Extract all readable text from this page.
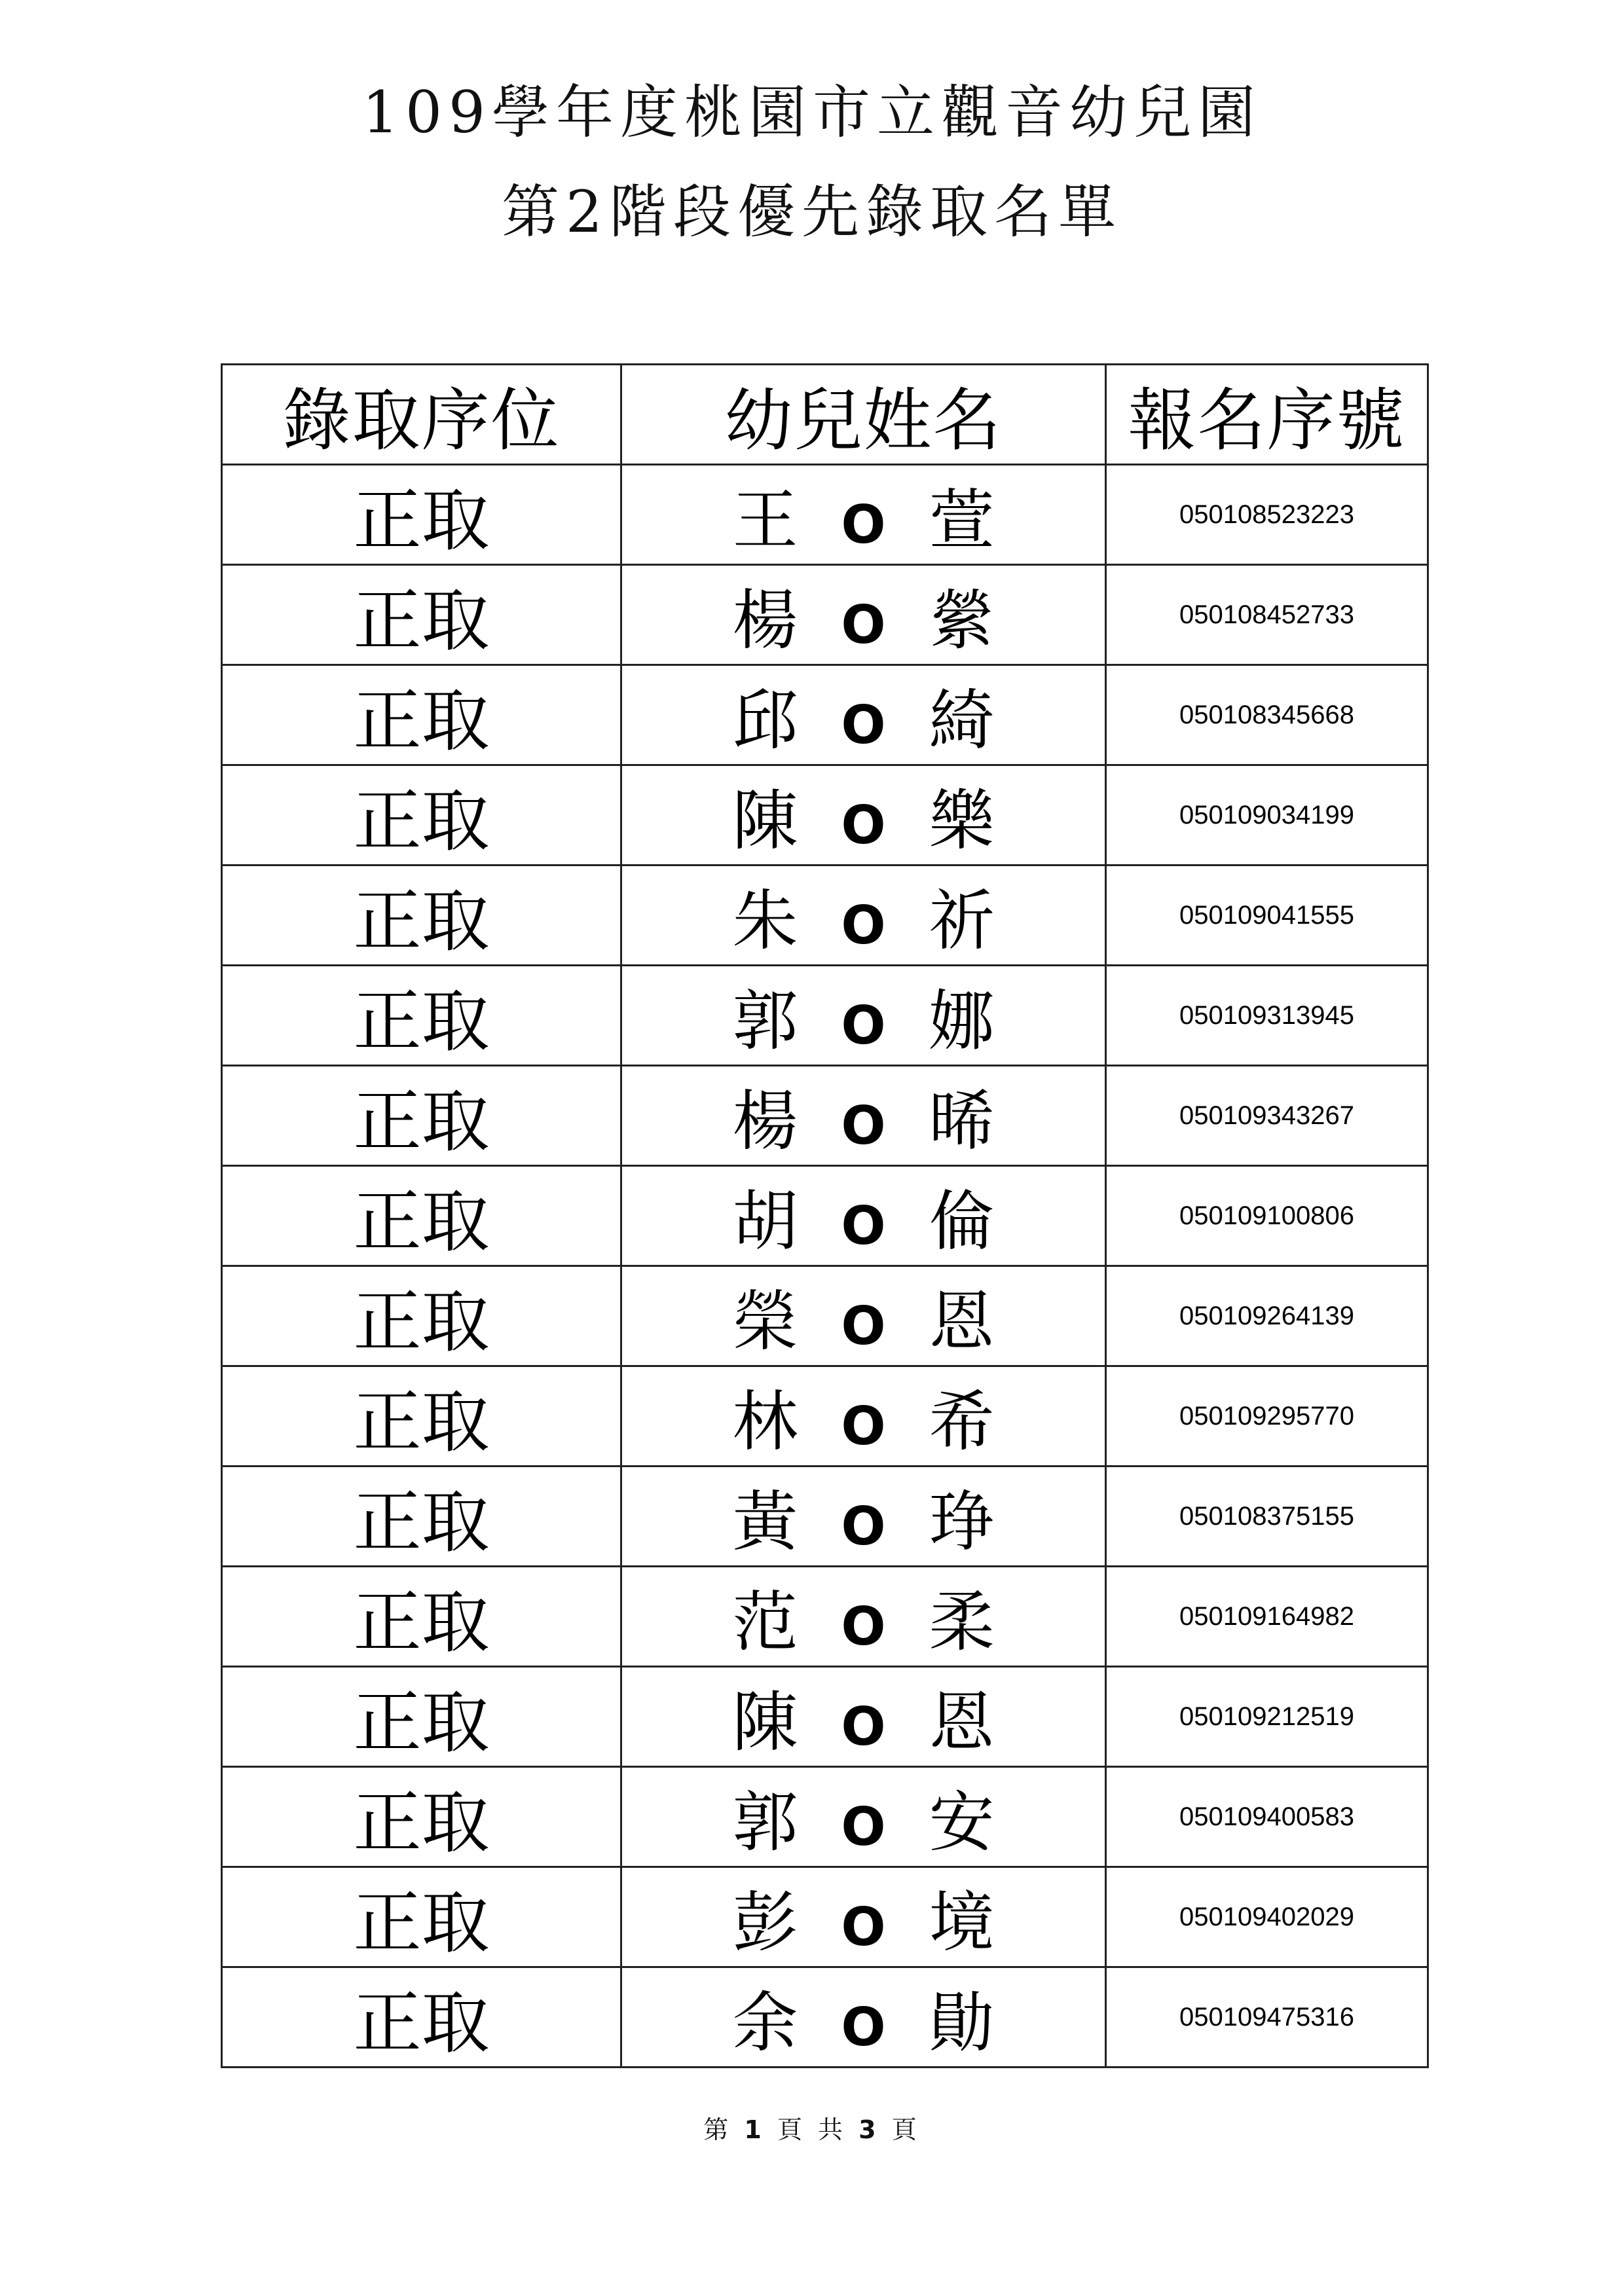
109學年度桃園市立觀音幼兒園
第2階段優先錄取名單
錄取序位	幼兒姓名	報名序號
正取	王 O 萱	050108523223
正取	楊 O 縈	050108452733
正取	邱 O 綺	050108345668
正取	陳 O 樂	050109034199
正取	朱 O 祈	050109041555
正取	郭 O 娜	050109313945
正取	楊 O 晞	050109343267
正取	胡 O 倫	050109100806
正取	榮 O 恩	050109264139
正取	林 O 希	050109295770
正取	黃 O 琤	050108375155
正取	范 O 柔	050109164982
正取	陳 O 恩	050109212519
正取	郭 O 安	050109400583
正取	彭 O 境	050109402029
正取	余 O 勛	050109475316
第 1 頁 共 3 頁
